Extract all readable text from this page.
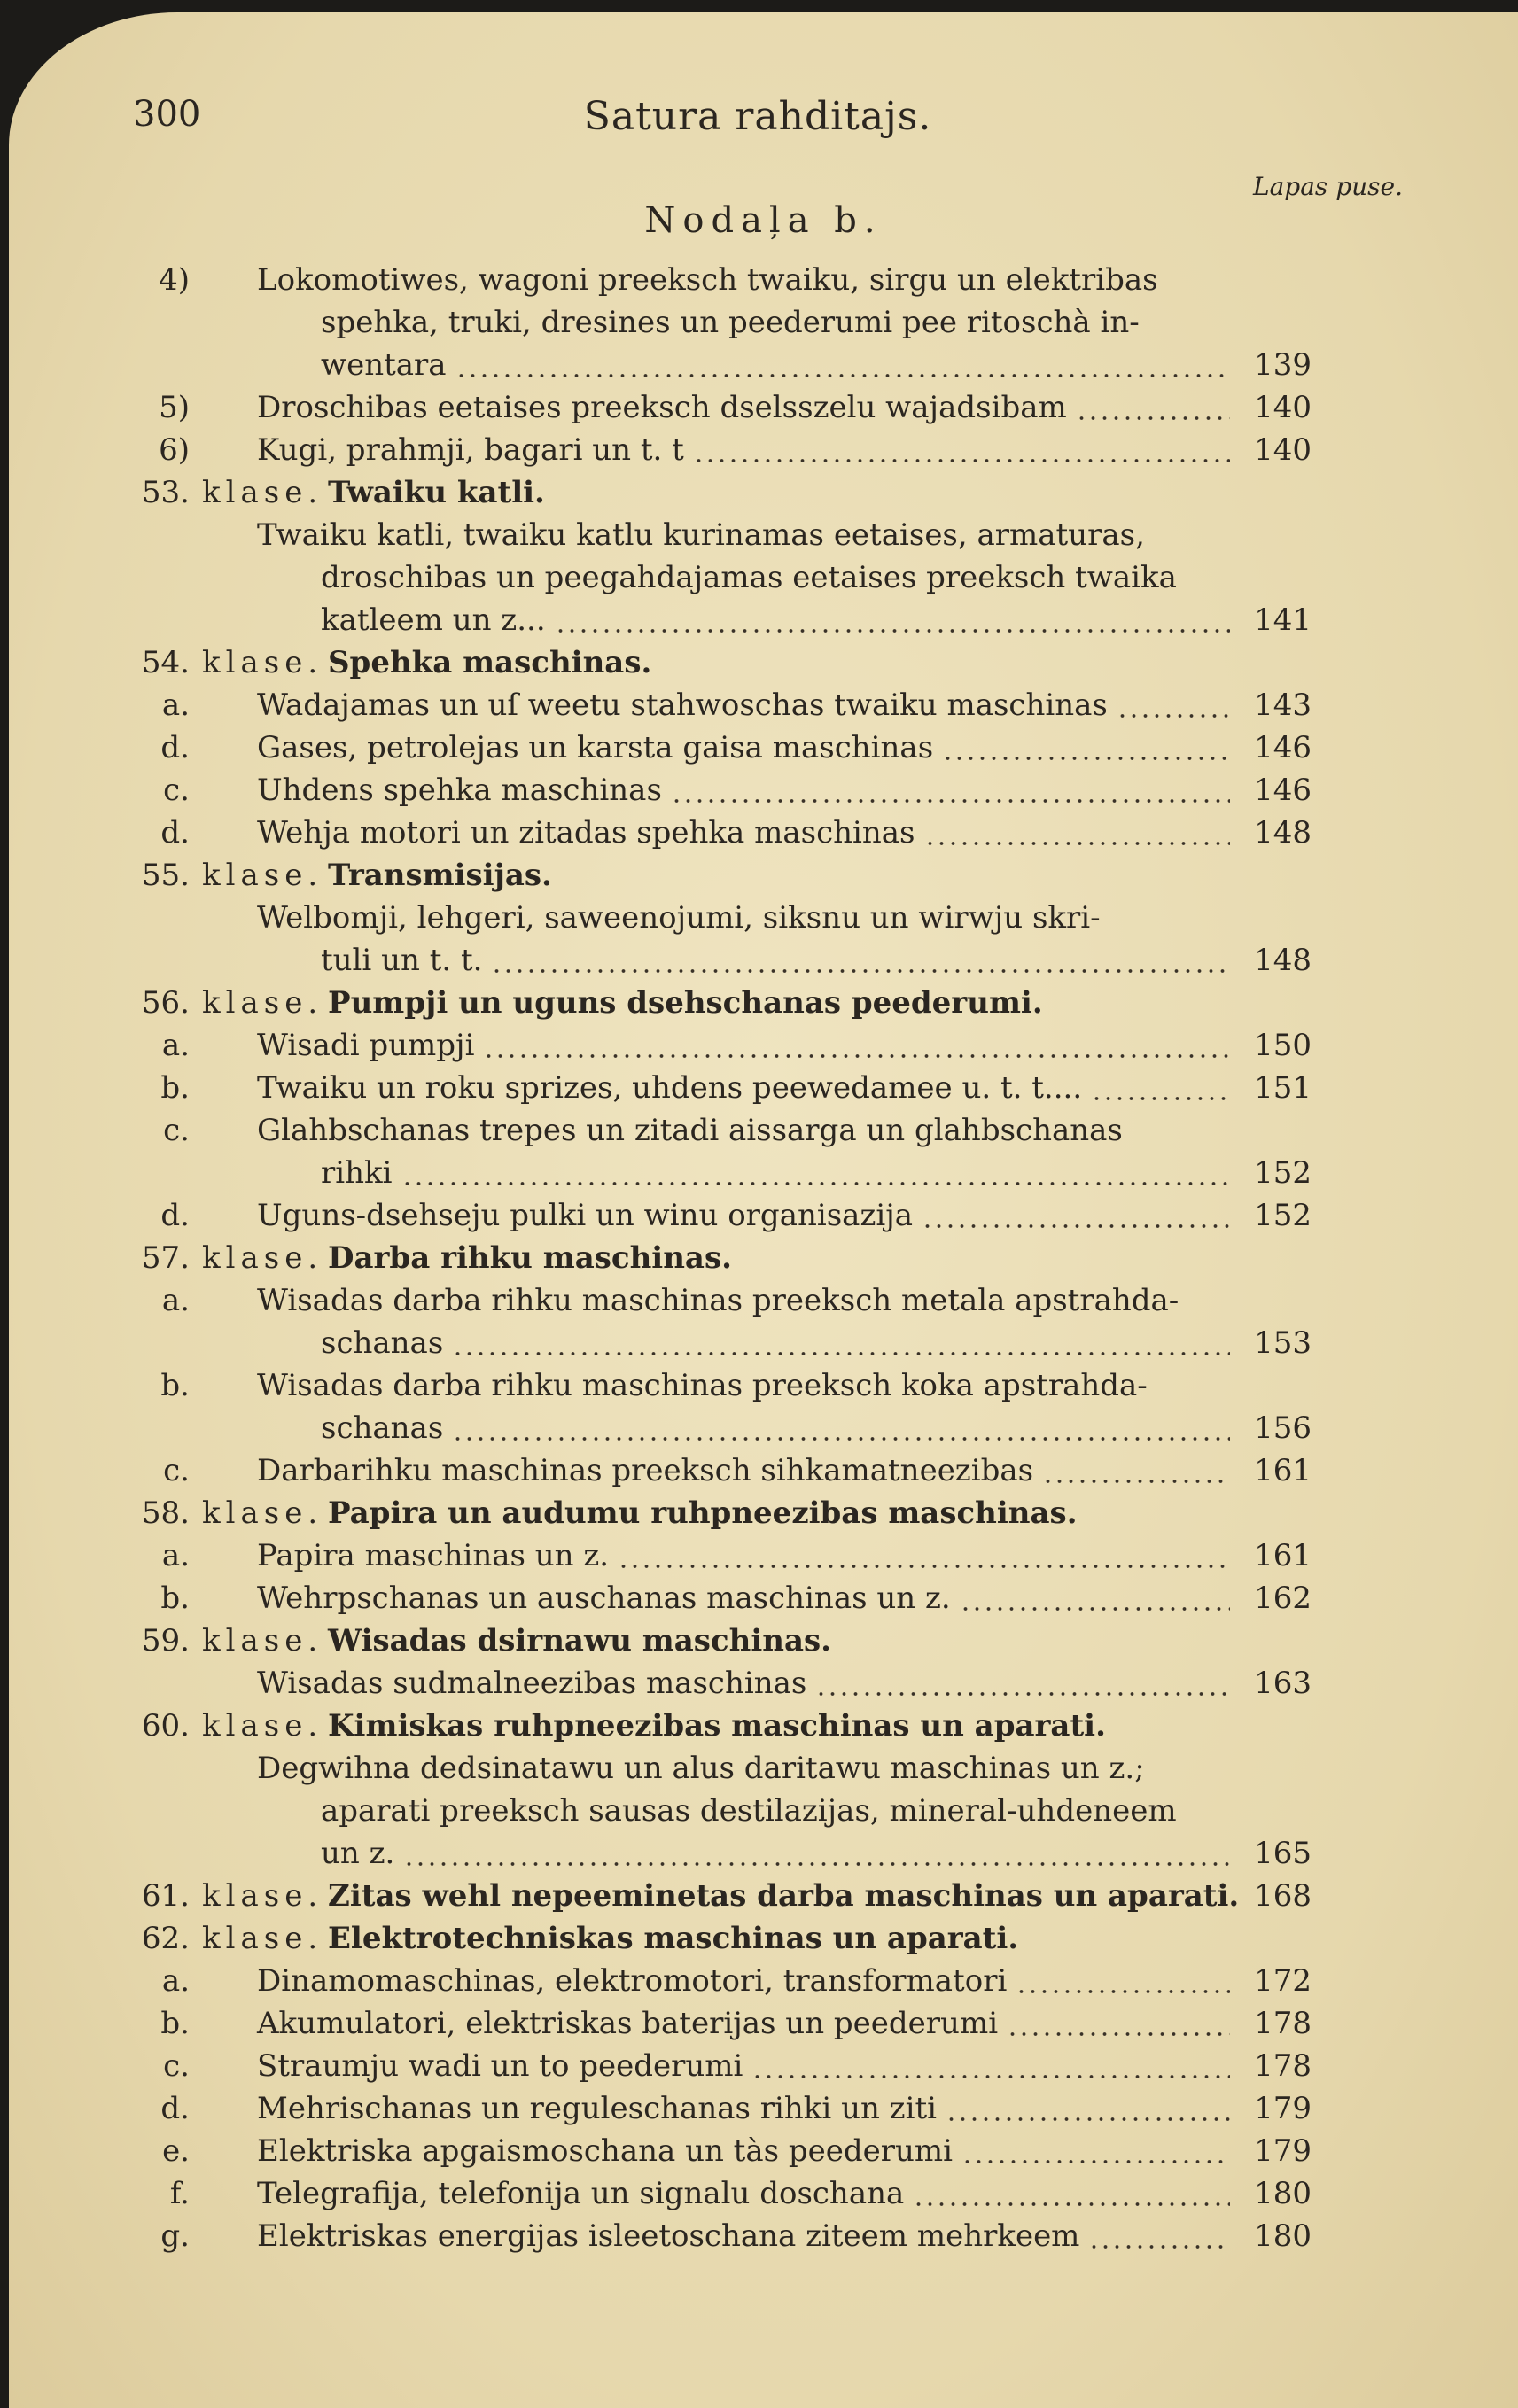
300	Satura rahditajs.
Lapas puse.
Nodaļa b.
4) Lokomotiwes, wagoni preeksch twaiku, sirgu un elektribas
spehka, truki, dresines un peederumi pee ritoschà in-
wentara	139
5) Droschibas eetaises preeksch dselsszelu wajadsibam	140
6) Kugi, prahmji, bagari un t. t	140
53. klase. Twaiku katli.
Twaiku katli, twaiku katlu kurinamas eetaises, armaturas,
droschibas un peegahdajamas eetaises preeksch twaika
katleem un z...	141
54. klase. Spehka maschinas.
a. Wadajamas un uſ weetu stahwoschas twaiku maschinas	143
d. Gases, petrolejas un karsta gaisa maschinas	146
c. Uhdens spehka maschinas	146
d. Wehja motori un zitadas spehka maschinas	148
55. klase. Transmisijas.
Welbomji, lehgeri, saweenojumi, siksnu un wirwju skri-
tuli un t. t.	148
56. klase. Pumpji un uguns dsehschanas peederumi.
a. Wisadi pumpji	150
b. Twaiku un roku sprizes, uhdens peewedamee u. t. t....	151
c. Glahbschanas trepes un zitadi aissarga un glahbschanas
rihki	152
d. Uguns-dsehseju pulki un winu organisazija	152
57. klase. Darba rihku maschinas.
a. Wisadas darba rihku maschinas preeksch metala apstrahda-
schanas	153
b. Wisadas darba rihku maschinas preeksch koka apstrahda-
schanas	156
c. Darbarihku maschinas preeksch sihkamatneezibas	161
58. klase. Papira un audumu ruhpneezibas maschinas.
a. Papira maschinas un z.	161
b. Wehrpschanas un auschanas maschinas un z.	162
59. klase. Wisadas dsirnawu maschinas.
Wisadas sudmalneezibas maschinas	163
60. klase. Kimiskas ruhpneezibas maschinas un aparati.
Degwihna dedsinatawu un alus daritawu maschinas un z.;
aparati preeksch sausas destilazijas, mineral-uhdeneem
un z.	165
61. klase. Zitas wehl nepeeminetas darba maschinas un aparati. 168
62. klase. Elektrotechniskas maschinas un aparati.
a. Dinamomaschinas, elektromotori, transformatori	172
b. Akumulatori, elektriskas baterijas un peederumi	178
c. Straumju wadi un to peederumi	178
d. Mehrischanas un reguleschanas rihki un ziti	179
e. Elektriska apgaismoschana un tàs peederumi	179
f. Telegrafija, telefonija un signalu doschana	180
g. Elektriskas energijas isleetoschana ziteem mehrkeem	180
